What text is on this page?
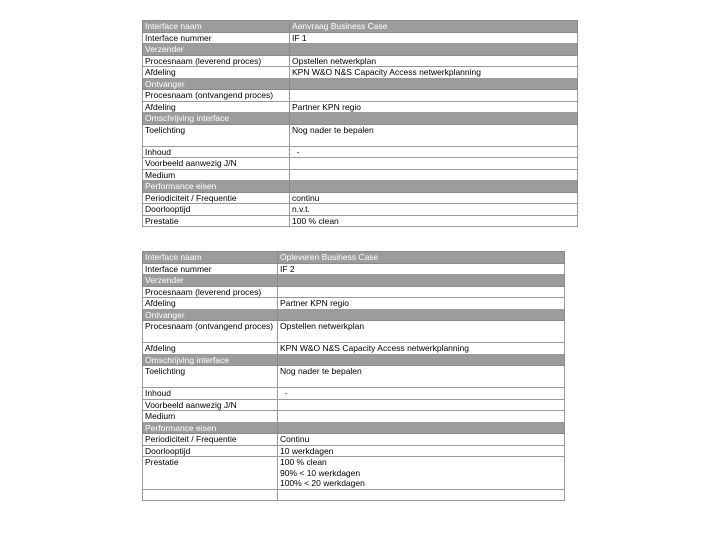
Interface naam	Aanvraag Business Case
Interface nummer	IF 1
Verzender	
Procesnaam (leverend proces)	Opstellen netwerkplan
Afdeling	KPN W&O N&S Capacity Access netwerkplanning
Ontvanger	
Procesnaam (ontvangend proces)	
Afdeling	Partner KPN regio
Omschrijving interface	
Toelichting	Nog nader te bepalen
Inhoud	-
Voorbeeld aanwezig J/N	
Medium	
Performance eisen	
Periodiciteit / Frequentie	continu
Doorlooptijd	n.v.t.
Prestatie	100 % clean
Interface naam	Opleveren Business Case
Interface nummer	IF 2
Verzender	
Procesnaam (leverend proces)	
Afdeling	Partner KPN regio
Ontvanger	
Procesnaam (ontvangend proces)	Opstellen netwerkplan
Afdeling	KPN W&O N&S Capacity Access netwerkplanning
Omschrijving interface	
Toelichting	Nog nader te bepalen
Inhoud	-
Voorbeeld aanwezig J/N	
Medium	
Performance eisen	
Periodiciteit / Frequentie	Continu
Doorlooptijd	10 werkdagen
Prestatie	100 % clean
90% < 10 werkdagen
100% < 20 werkdagen
